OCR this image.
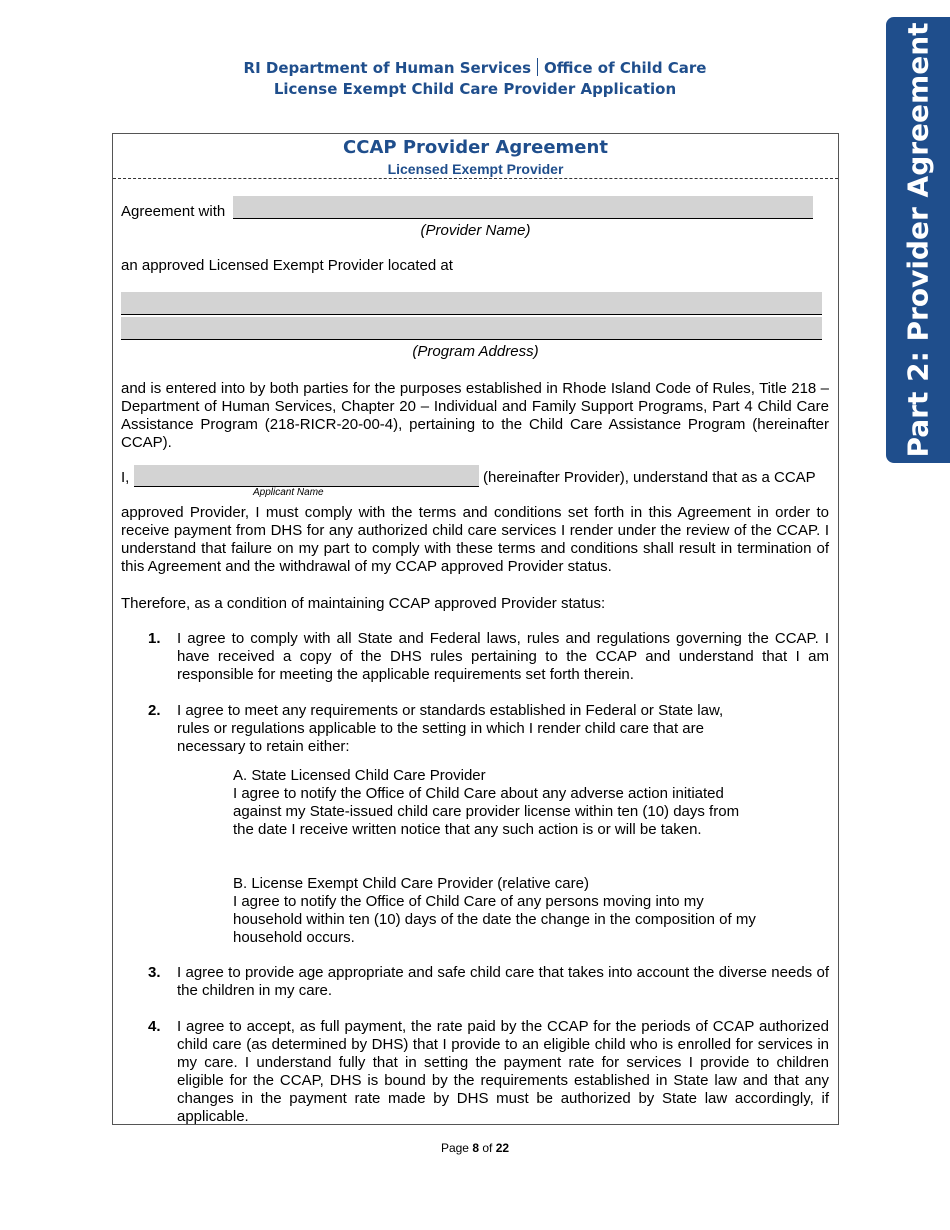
RI Department of Human Services Office of Child Care
License Exempt Child Care Provider Application	Part 2: Provider Agreement
CCAP Provider Agreement
Licensed Exempt Provider
Agreement with
(Provider Name)
an approved Licensed Exempt Provider located at
(Program Address)
and is entered into by both parties for the purposes established in Rhode Island Code of Rules, Title 218 – Department of Human Services, Chapter 20 – Individual and Family Support Programs, Part 4 Child Care Assistance Program (218-RICR-20-00-4), pertaining to the Child Care Assistance Program (hereinafter CCAP).
I,	(hereinafter Provider), understand that as a CCAP
Applicant Name
approved Provider, I must comply with the terms and conditions set forth in this Agreement in order to receive payment from DHS for any authorized child care services I render under the review of the CCAP. I understand that failure on my part to comply with these terms and conditions shall result in termination of this Agreement and the withdrawal of my CCAP approved Provider status.
Therefore, as a condition of maintaining CCAP approved Provider status:
1. I agree to comply with all State and Federal laws, rules and regulations governing the CCAP. I have received a copy of the DHS rules pertaining to the CCAP and understand that I am responsible for meeting the applicable requirements set forth therein.
2. I agree to meet any requirements or standards established in Federal or State law, rules or regulations applicable to the setting in which I render child care that are necessary to retain either:
A. State Licensed Child Care Provider
I agree to notify the Office of Child Care about any adverse action initiated against my State-issued child care provider license within ten (10) days from the date I receive written notice that any such action is or will be taken.
B. License Exempt Child Care Provider (relative care)
I agree to notify the Office of Child Care of any persons moving into my household within ten (10) days of the date the change in the composition of my household occurs.
3. I agree to provide age appropriate and safe child care that takes into account the diverse needs of the children in my care.
4. I agree to accept, as full payment, the rate paid by the CCAP for the periods of CCAP authorized child care (as determined by DHS) that I provide to an eligible child who is enrolled for services in my care. I understand fully that in setting the payment rate for services I provide to children eligible for the CCAP, DHS is bound by the requirements established in State law and that any changes in the payment rate made by DHS must be authorized by State law accordingly, if applicable.
Page 8 of 22
